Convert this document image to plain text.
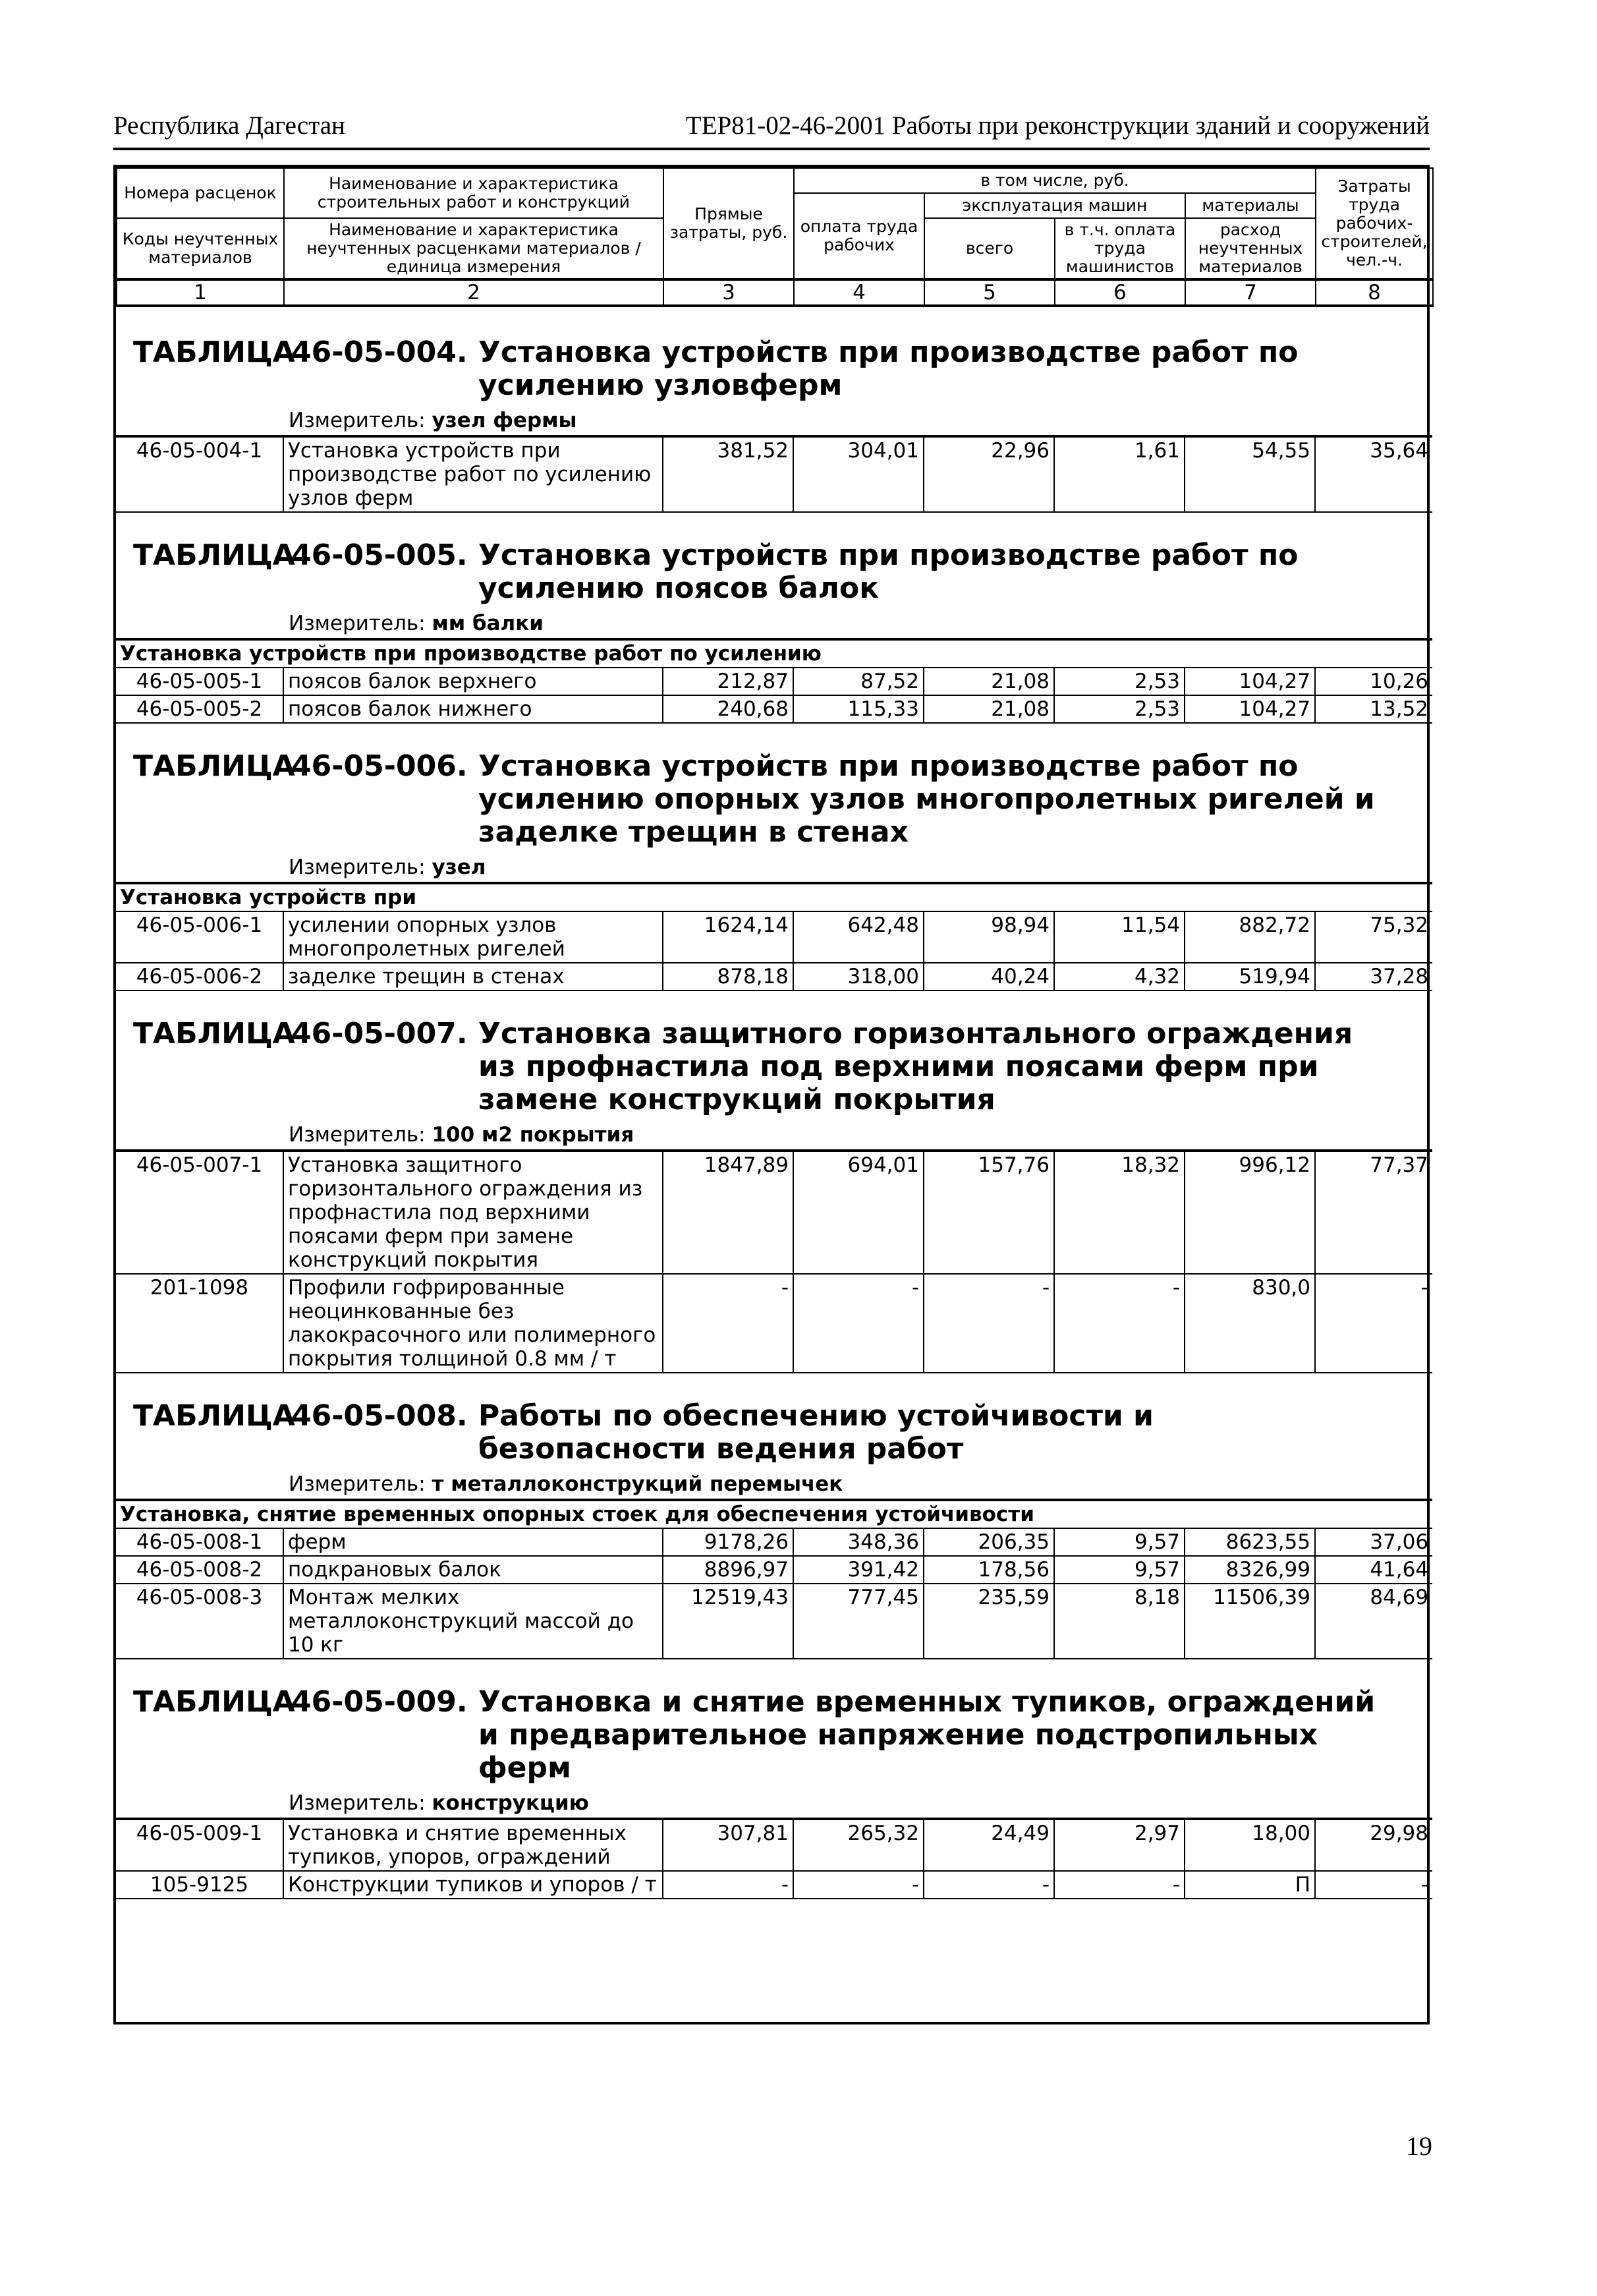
Республика Дагестан	ТЕР81-02-46-2001 Работы при реконструкции зданий и сооружений
Номера расценок	Наименование и характеристика строительных работ и конструкций	Прямые затраты, руб.	в том числе, руб.				Затраты труда рабочих-строителей, чел.-ч.
			оплата труда рабочих	эксплуатация машин		материалы	
Коды неучтенных материалов	Наименование и характеристика неучтенных расценками материалов / единица измерения			всего	в т.ч. оплата труда машинистов	расход неучтенных материалов	

1	2	3	4	5	6	7	8
ТАБЛИЦА
46-05-004. Установка устройств при производстве работ по усилению узловферм
Измеритель: узел фермы
46-05-004-1	Установка устройств при производстве работ по усилению узлов ферм	381,52	304,01	22,96	1,61	54,55	35,64
ТАБЛИЦА
46-05-005. Установка устройств при производстве работ по усилению поясов балок
Измеритель: мм балки
Установка устройств при производстве работ по усилению							
46-05-005-1	поясов балок верхнего	212,87	87,52	21,08	2,53	104,27	10,26
46-05-005-2	поясов балок нижнего	240,68	115,33	21,08	2,53	104,27	13,52
ТАБЛИЦА
46-05-006. Установка устройств при производстве работ по усилению опорных узлов многопролетных ригелей и заделке трещин в стенах
Измеритель: узел
Установка устройств при							
46-05-006-1	усилении опорных узлов многопролетных ригелей	1624,14	642,48	98,94	11,54	882,72	75,32
46-05-006-2	заделке трещин в стенах	878,18	318,00	40,24	4,32	519,94	37,28
ТАБЛИЦА
46-05-007. Установка защитного горизонтального ограждения из профнастила под верхними поясами ферм при замене конструкций покрытия
Измеритель: 100 м2 покрытия
46-05-007-1	Установка защитного горизонтального ограждения из профнастила под верхними поясами ферм при замене конструкций покрытия	1847,89	694,01	157,76	18,32	996,12	77,37
201-1098	Профили гофрированные неоцинкованные без лакокрасочного или полимерного покрытия толщиной 0.8 мм / т	-	-	-	-	830,0	-
ТАБЛИЦА
46-05-008. Работы по обеспечению устойчивости и безопасности ведения работ
Измеритель: т металлоконструкций перемычек
Установка, снятие временных опорных стоек для обеспечения устойчивости							
46-05-008-1	ферм	9178,26	348,36	206,35	9,57	8623,55	37,06
46-05-008-2	подкрановых балок	8896,97	391,42	178,56	9,57	8326,99	41,64
46-05-008-3	Монтаж мелких металлоконструкций массой до 10 кг	12519,43	777,45	235,59	8,18	11506,39	84,69
ТАБЛИЦА
46-05-009. Установка и снятие временных тупиков, ограждений и предварительное напряжение подстропильных ферм
Измеритель: конструкцию
46-05-009-1	Установка и снятие временных тупиков, упоров, ограждений	307,81	265,32	24,49	2,97	18,00	29,98
105-9125	Конструкции тупиков и упоров / т	-	-	-	-	П	-
19
